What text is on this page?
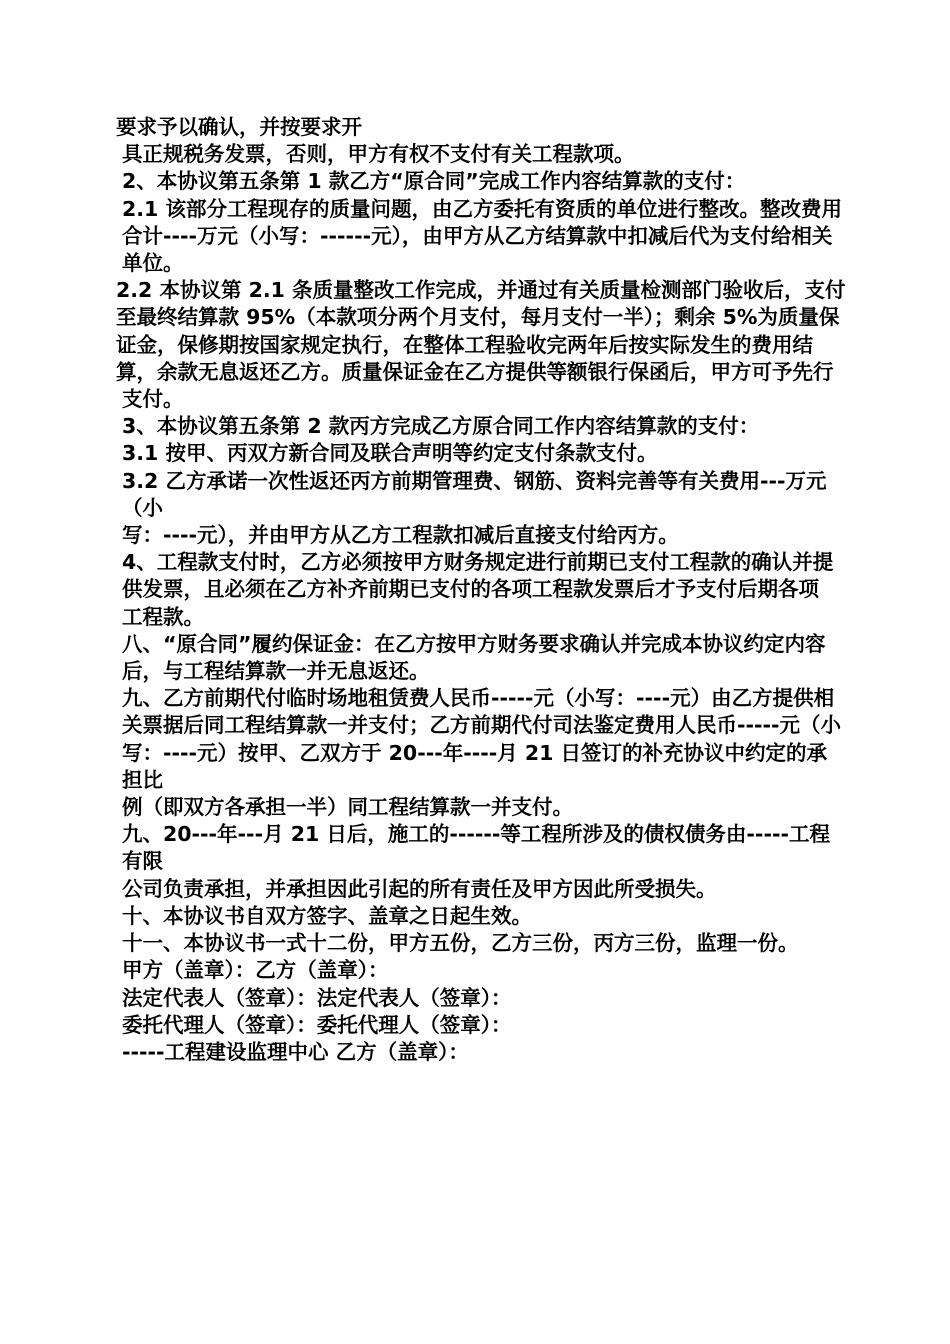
要求予以确认，并按要求开

具正规税务发票，否则，甲方有权不支付有关工程款项。

2、本协议第五条第 1 款乙方“原合同”完成工作内容结算款的支付：

2.1 该部分工程现存的质量问题，由乙方委托有资质的单位进行整改。整改费用合计----万元（小写：------元），由甲方从乙方结算款中扣减后代为支付给相关

单位。

2.2 本协议第 2.1 条质量整改工作完成，并通过有关质量检测部门验收后，支付至最终结算款 95%（本款项分两个月支付，每月支付一半）；剩余 5%为质量保证金，保修期按国家规定执行，在整体工程验收完两年后按实际发生的费用结算，余款无息返还乙方。质量保证金在乙方提供等额银行保函后，甲方可予先行

支付。

3、本协议第五条第 2 款丙方完成乙方原合同工作内容结算款的支付：

3.1 按甲、丙双方新合同及联合声明等约定支付条款支付。

3.2 乙方承诺一次性返还丙方前期管理费、钢筋、资料完善等有关费用---万元（小

写：----元），并由甲方从乙方工程款扣减后直接支付给丙方。

4、工程款支付时，乙方必须按甲方财务规定进行前期已支付工程款的确认并提供发票，且必须在乙方补齐前期已支付的各项工程款发票后才予支付后期各项

工程款。

八、“原合同”履约保证金：在乙方按甲方财务要求确认并完成本协议约定内容

后，与工程结算款一并无息返还。

九、乙方前期代付临时场地租赁费人民币-----元（小写：----元）由乙方提供相关票据后同工程结算款一并支付；乙方前期代付司法鉴定费用人民币-----元（小写：----元）按甲、乙双方于 20---年----月 21 日签订的补充协议中约定的承担比

例（即双方各承担一半）同工程结算款一并支付。

九、20---年---月 21 日后，施工的------等工程所涉及的债权债务由-----工程有限

公司负责承担，并承担因此引起的所有责任及甲方因此所受损失。

十、本协议书自双方签字、盖章之日起生效。

十一、本协议书一式十二份，甲方五份，乙方三份，丙方三份，监理一份。

甲方（盖章）：乙方（盖章）：

法定代表人（签章）：法定代表人（签章）：

委托代理人（签章）：委托代理人（签章）：

-----工程建设监理中心 乙方（盖章）：
